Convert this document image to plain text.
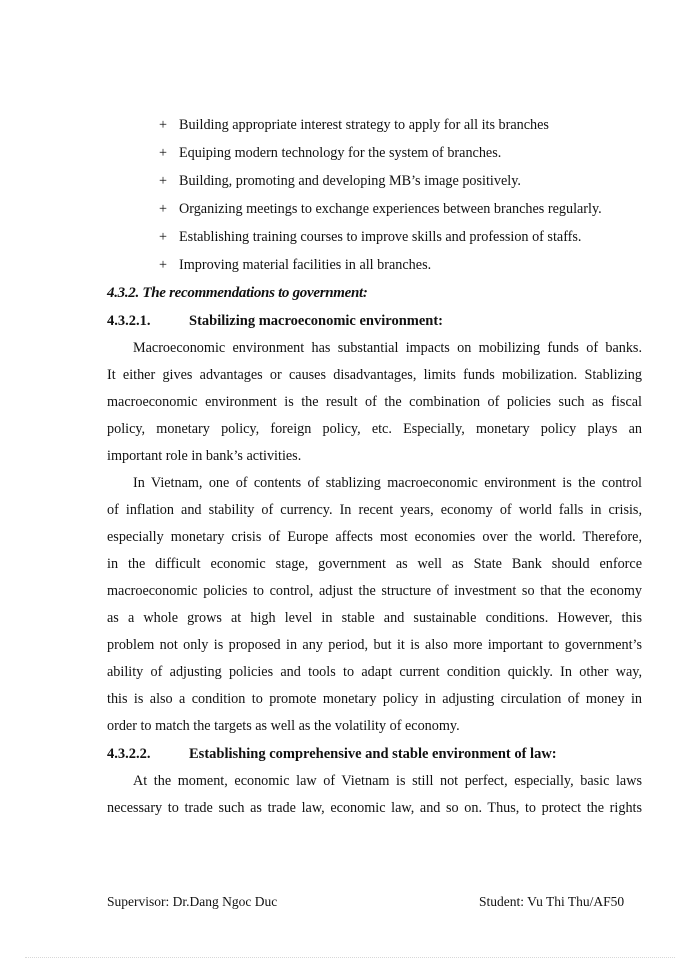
+ Building appropriate interest strategy to apply for all its branches
+ Equiping modern technology for the system of branches.
+ Building, promoting and developing MB’s image positively.
+ Organizing meetings to exchange experiences between branches regularly.
+ Establishing training courses to improve skills and profession of staffs.
+ Improving material facilities in all branches.
4.3.2. The recommendations to government:
4.3.2.1.	Stabilizing macroeconomic environment:
Macroeconomic environment has substantial impacts on mobilizing funds of banks.
It either gives advantages or causes disadvantages, limits funds mobilization. Stablizing
macroeconomic environment is the result of the combination of policies such as fiscal
policy, monetary policy, foreign policy, etc. Especially, monetary policy plays an
important role in bank’s activities.
In Vietnam, one of contents of stablizing macroeconomic environment is the control
of inflation and stability of currency. In recent years, economy of world falls in crisis,
especially monetary crisis of Europe affects most economies over the world. Therefore,
in the difficult economic stage, government as well as State Bank should enforce
macroeconomic policies to control, adjust the structure of investment so that the economy
as a whole grows at high level in stable and sustainable conditions. However, this
problem not only is proposed in any period, but it is also more important to government’s
ability of adjusting policies and tools to adapt current condition quickly. In other way,
this is also a condition to promote monetary policy in adjusting circulation of money in
order to match the targets as well as the volatility of economy.
4.3.2.2.	Establishing comprehensive and stable environment of law:
At the moment, economic law of Vietnam is still not perfect, especially, basic laws
necessary to trade such as trade law, economic law, and so on. Thus, to protect the rights
Supervisor: Dr.Dang Ngoc Duc	Student: Vu Thi Thu/AF50
